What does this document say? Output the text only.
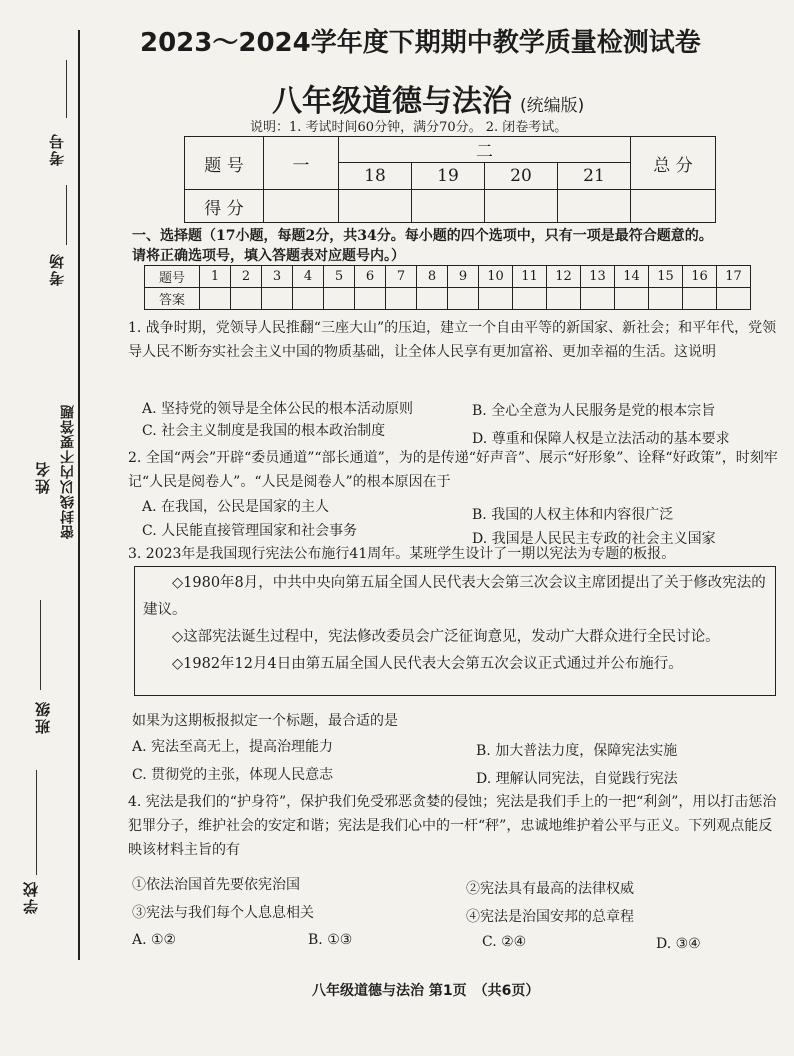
考号
考场
姓名 密封线以内不要答题
班级
学校
2023～2024学年度下期期中教学质量检测试卷
八年级道德与法治 (统编版)
说明：1. 考试时间60分钟，满分70分。 2. 闭卷考试。
题 号	一	二				总 分
		18	19	20	21	
得 分						
一、选择题（17小题，每题2分，共34分。每小题的四个选项中，只有一项是最符合题意的。
请将正确选项号，填入答题表对应题号内。）
题号	1	2	3	4	5	6	7	8	9	10	11	12	13	14	15	16	17
答案																	
1. 战争时期，党领导人民推翻“三座大山”的压迫，建立一个自由平等的新国家、新社会；和平年代，党领导人民不断夯实社会主义中国的物质基础，让全体人民享有更加富裕、更加幸福的生活。这说明
A. 坚持党的领导是全体公民的根本活动原则	B. 全心全意为人民服务是党的根本宗旨
C. 社会主义制度是我国的根本政治制度	D. 尊重和保障人权是立法活动的基本要求
2. 全国“两会”开辟“委员通道”“部长通道”，为的是传递“好声音”、展示“好形象”、诠释“好政策”，时刻牢记“人民是阅卷人”。“人民是阅卷人”的根本原因在于
A. 在我国，公民是国家的主人	B. 我国的人权主体和内容很广泛
C. 人民能直接管理国家和社会事务	D. 我国是人民民主专政的社会主义国家
3. 2023年是我国现行宪法公布施行41周年。某班学生设计了一期以宪法为专题的板报。

◇1980年8月，中共中央向第五届全国人民代表大会第三次会议主席团提出了关于修改宪法的建议。

◇这部宪法诞生过程中，宪法修改委员会广泛征询意见，发动广大群众进行全民讨论。

◇1982年12月4日由第五届全国人民代表大会第五次会议正式通过并公布施行。

如果为这期板报拟定一个标题，最合适的是
A. 宪法至高无上，提高治理能力	B. 加大普法力度，保障宪法实施
C. 贯彻党的主张，体现人民意志	D. 理解认同宪法，自觉践行宪法
4. 宪法是我们的“护身符”，保护我们免受邪恶贪婪的侵蚀；宪法是我们手上的一把“利剑”，用以打击惩治犯罪分子，维护社会的安定和谐；宪法是我们心中的一杆“秤”，忠诚地维护着公平与正义。下列观点能反映该材料主旨的有
①依法治国首先要依宪治国	②宪法具有最高的法律权威
③宪法与我们每个人息息相关	④宪法是治国安邦的总章程
A. ①②	B. ①③	C. ②④	D. ③④
八年级道德与法治 第1页　（共6页）
